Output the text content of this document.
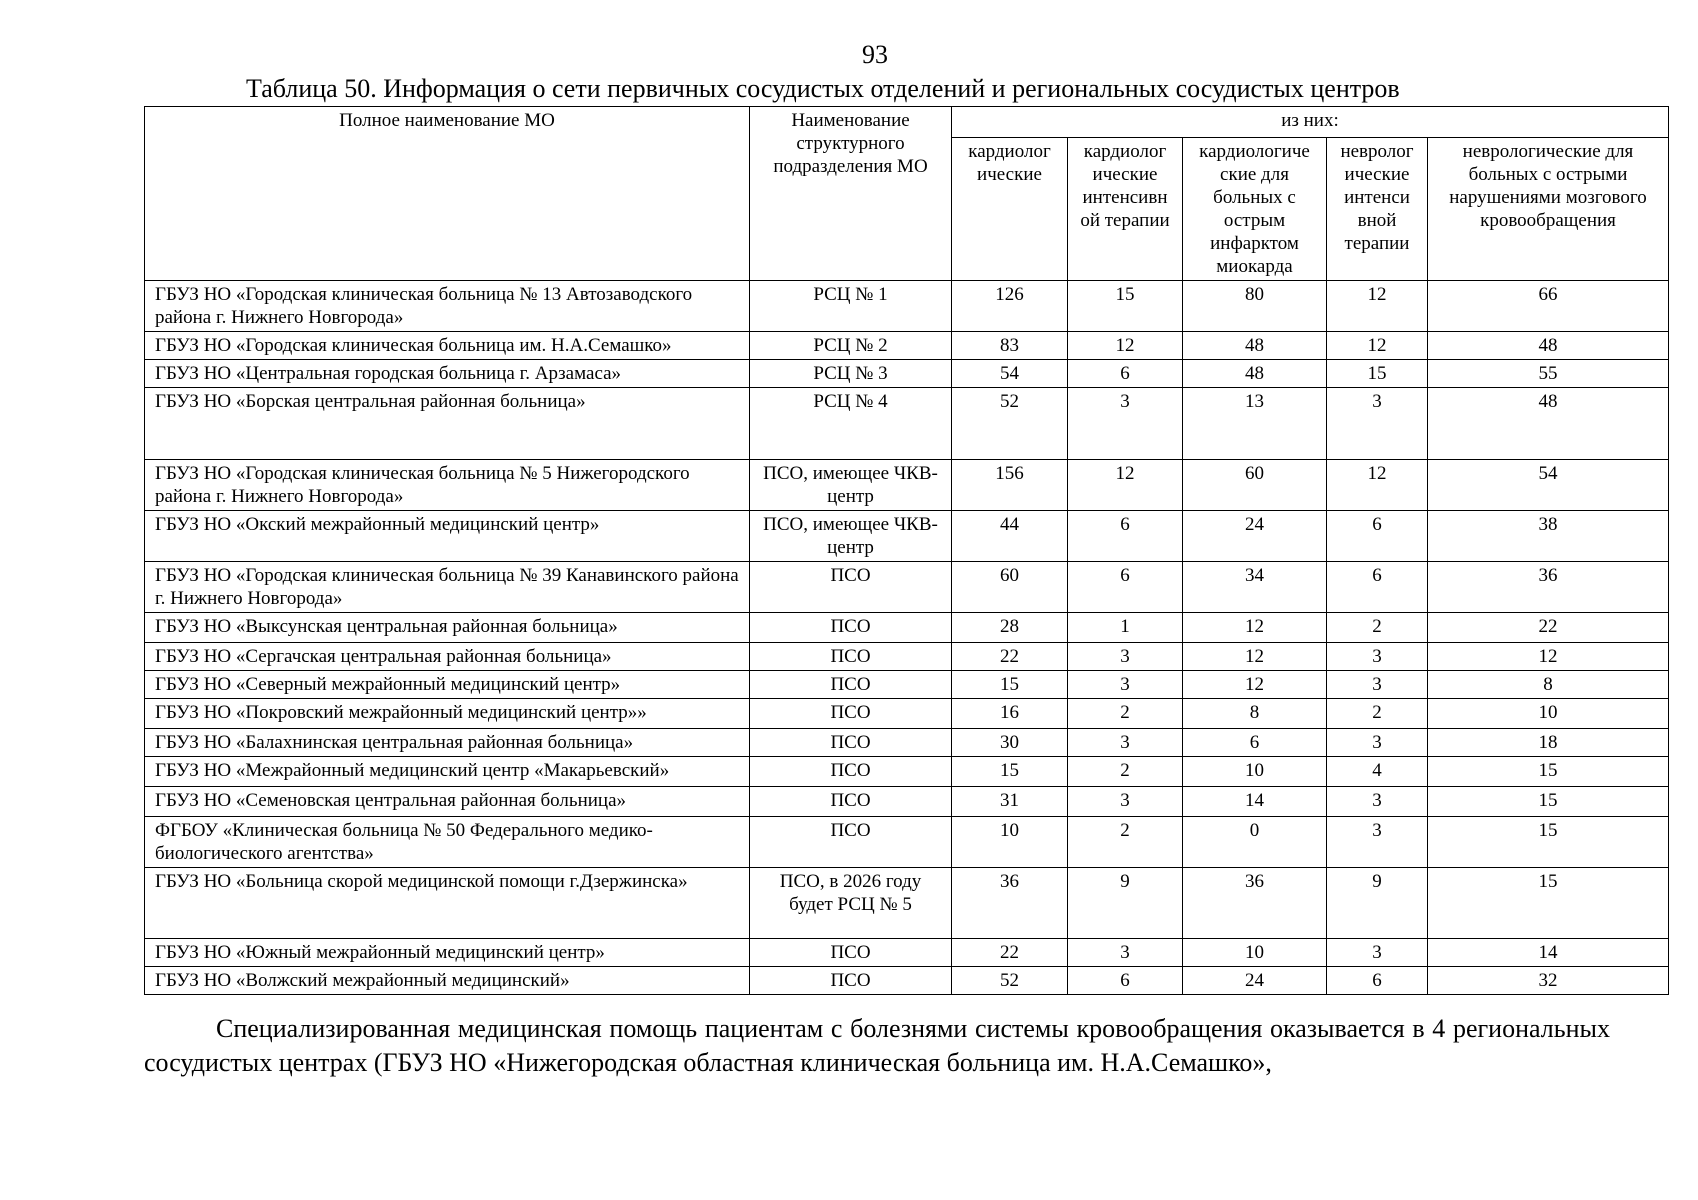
93
Таблица 50. Информация о сети первичных сосудистых отделений и региональных сосудистых центров
Полное наименование МО	Наименование структурного подразделения МО	из них:				
		кардиолог ические	кардиолог ические интенсивн ой терапии	кардиологиче ские для больных с острым инфарктом миокарда	невролог ические интенси вной терапии	неврологические для больных с острыми нарушениями мозгового кровообращения
ГБУЗ НО «Городская клиническая больница № 13 Автозаводского района г. Нижнего Новгорода»	РСЦ № 1	126	15	80	12	66
ГБУЗ НО «Городская клиническая больница им. Н.А.Семашко»	РСЦ № 2	83	12	48	12	48
ГБУЗ НО «Центральная городская больница г. Арзамаса»	РСЦ № 3	54	6	48	15	55
ГБУЗ НО «Борская центральная районная больница»	РСЦ № 4	52	3	13	3	48
ГБУЗ НО «Городская клиническая больница № 5 Нижегородского района г. Нижнего Новгорода»	ПСО, имеющее ЧКВ-центр	156	12	60	12	54
ГБУЗ НО «Окский межрайонный медицинский центр»	ПСО, имеющее ЧКВ-центр	44	6	24	6	38
ГБУЗ НО «Городская клиническая больница № 39 Канавинского района г. Нижнего Новгорода»	ПСО	60	6	34	6	36
ГБУЗ НО «Выксунская центральная районная больница»	ПСО	28	1	12	2	22
ГБУЗ НО «Сергачская центральная районная больница»	ПСО	22	3	12	3	12
ГБУЗ НО «Северный межрайонный медицинский центр»	ПСО	15	3	12	3	8
ГБУЗ НО «Покровский межрайонный медицинский центр»»	ПСО	16	2	8	2	10
ГБУЗ НО «Балахнинская центральная районная больница»	ПСО	30	3	6	3	18
ГБУЗ НО «Межрайонный медицинский центр «Макарьевский»	ПСО	15	2	10	4	15
ГБУЗ НО «Семеновская центральная районная больница»	ПСО	31	3	14	3	15
ФГБОУ «Клиническая больница № 50 Федерального медико-биологического агентства»	ПСО	10	2	0	3	15
ГБУЗ НО «Больница скорой медицинской помощи г.Дзержинска»	ПСО, в 2026 году будет РСЦ № 5	36	9	36	9	15
ГБУЗ НО «Южный межрайонный медицинский центр»	ПСО	22	3	10	3	14
ГБУЗ НО «Волжский межрайонный медицинский»	ПСО	52	6	24	6	32
Специализированная медицинская помощь пациентам с болезнями системы кровообращения оказывается в 4 региональных сосудистых центрах (ГБУЗ НО «Нижегородская областная клиническая больница им. Н.А.Семашко»,
